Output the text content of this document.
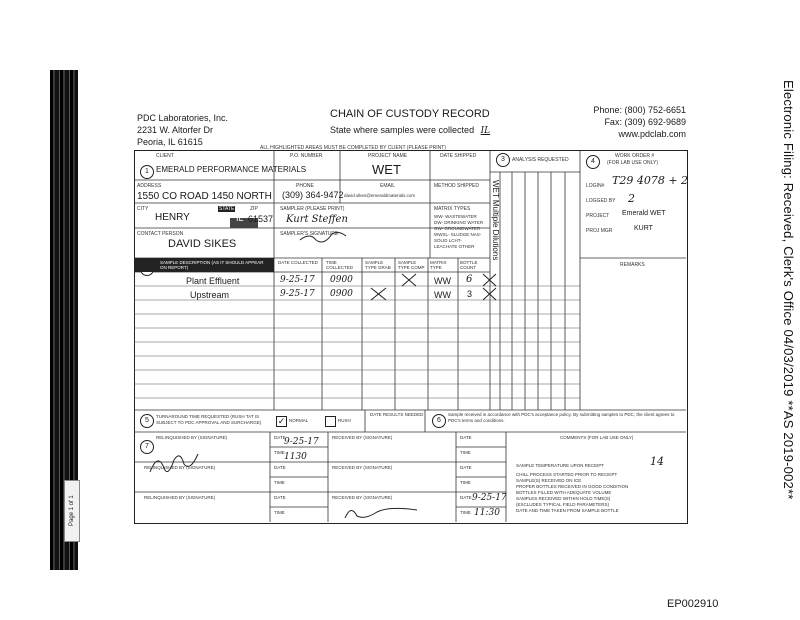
Page 1 of 1
PDC Laboratories, Inc.
2231 W. Altorfer Dr
Peoria, IL 61615
CHAIN OF CUSTODY RECORD
State where samples were collected IL
Phone: (800) 752-6651
Fax: (309) 692-9689
www.pdclab.com
ALL HIGHLIGHTED AREAS MUST BE COMPLETED BY CLIENT (PLEASE PRINT)
1
3	4
5	6
7
CLIENT
EMERALD PERFORMANCE MATERIALS
ADDRESS
1550 CO ROAD 1450 NORTH
CITY
HENRY
STATE
IL
ZIP
61537
CONTACT PERSON
DAVID SIKES
P.O. NUMBER	PROJECT NAME
WET
DATE SHIPPED
PHONE
(309) 364-9472
EMAIL
david.sikes@emeraldmaterials.com
METHOD SHIPPED
SAMPLER (PLEASE PRINT)
Kurt Steffen
SAMPLER'S SIGNATURE
MATRIX TYPES
WW- WASTEWATER DW- DRINKING WATER GW- GROUNDWATER WWSL- SLUDGE NAS- SOLID LCHT- LEACHATE OTHER	WET Multiple Dilutions
ANALYSIS REQUESTED
WORK ORDER #
(FOR LAB USE ONLY)
LOGIN# T29 4078 + 2
LOGGED BY 2
PROJECT Emerald WET
PROJ MGR	KURT
REMARKS
SAMPLE DESCRIPTION (AS IT SHOULD APPEAR ON REPORT)
DATE COLLECTED	TIME COLLECTED
SAMPLE TYPE GRAB
SAMPLE TYPE COMP
MATRIX TYPE
BOTTLE COUNT
Plant Effluent	9-25-17 0900	WW 6
Upstream	9-25-17 0900	WW 3
TURNAROUND TIME REQUESTED (RUSH TAT IS SUBJECT TO PDC APPROVAL AND SURCHARGE)	✓ NORMAL	RUSH
DATE RESULTS NEEDED	Sample received in accordance with PDC's acceptance policy. By submitting samples to PDC, the client agrees to PDC's terms and conditions.
RELINQUISHED BY (SIGNATURE)
RELINQUISHED BY (SIGNATURE)
RELINQUISHED BY (SIGNATURE)
DATE
9-25-17
TIME 1130
DATE
TIME
DATE
TIME
RECEIVED BY (SIGNATURE)
RECEIVED BY (SIGNATURE)
RECEIVED BY (SIGNATURE)
DATE
TIME
DATE
TIME
DATE 9-25-17
TIME 11:30
COMMENTS (FOR LAB USE ONLY)
SAMPLE TEMPERATURE UPON RECEIPT	14
CHILL PROCESS STARTED PRIOR TO RECEIPT
SAMPLE(S) RECEIVED ON ICE
PROPER BOTTLES RECEIVED IN GOOD CONDITION
BOTTLES FILLED WITH ADEQUATE VOLUME
SAMPLES RECEIVED WITHIN HOLD TIME(S)
(EXCLUDES TYPICAL FIELD PARAMETERS)
DATE AND TIME TAKEN FROM SAMPLE BOTTLE
Electronic Filing: Received, Clerk's Office 04/03/2019 **AS 2019-002**
EP002910
